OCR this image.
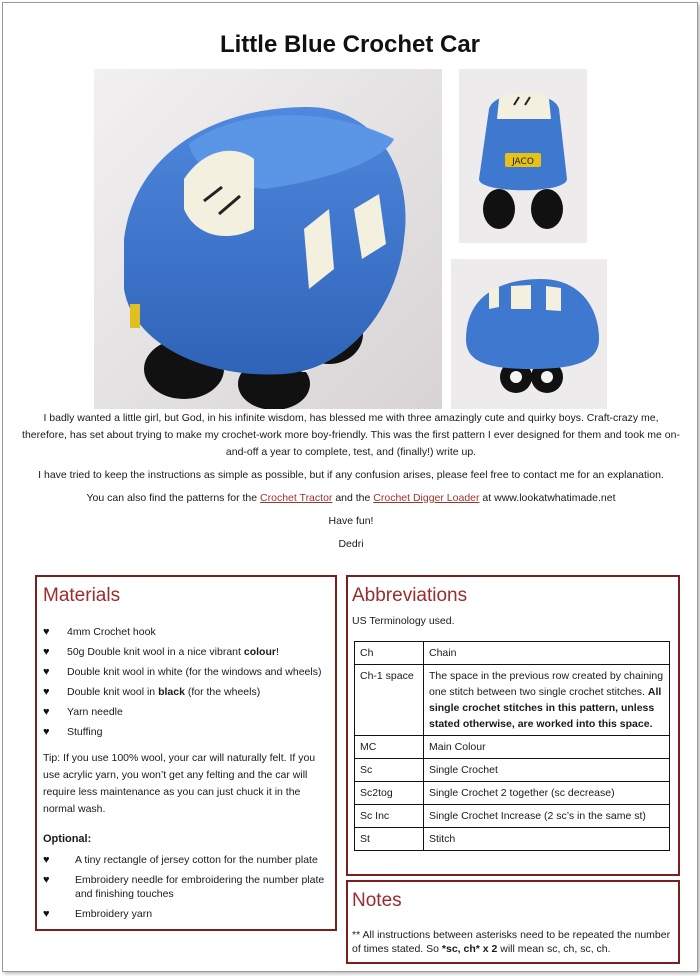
Little Blue Crochet Car
JACO

I badly wanted a little girl, but God, in his infinite wisdom, has blessed me with three amazingly cute and quirky boys. Craft-crazy me, therefore, has set about trying to make my crochet-work more boy-friendly. This was the first pattern I ever designed for them and took me on-and-off a year to complete, test, and (finally!) write up.

I have tried to keep the instructions as simple as possible, but if any confusion arises, please feel free to contact me for an explanation.

You can also find the patterns for the Crochet Tractor and the Crochet Digger Loader at www.lookatwhatimade.net

Have fun!

Dedri

Materials
♥ 4mm Crochet hook
♥ 50g Double knit wool in a nice vibrant colour!
♥ Double knit wool in white (for the windows and wheels)
♥ Double knit wool in black (for the wheels)
♥ Yarn needle
♥ Stuffing
Tip: If you use 100% wool, your car will naturally felt. If you use acrylic yarn, you won’t get any felting and the car will require less maintenance as you can just chuck it in the normal wash.
Optional:
♥ A tiny rectangle of jersey cotton for the number plate
♥ Embroidery needle for embroidering the number plate and finishing touches
♥ Embroidery yarn
Abbreviations
US Terminology used.
Ch	Chain
Ch-1 space	The space in the previous row created by chaining one stitch between two single crochet stitches. All single crochet stitches in this pattern, unless stated otherwise, are worked into this space.
MC	Main Colour
Sc	Single Crochet
Sc2tog	Single Crochet 2 together (sc decrease)
Sc Inc	Single Crochet Increase (2 sc’s in the same st)
St	Stitch
Notes
** All instructions between asterisks need to be repeated the number of times stated. So *sc, ch* x 2 will mean sc, ch, sc, ch.
